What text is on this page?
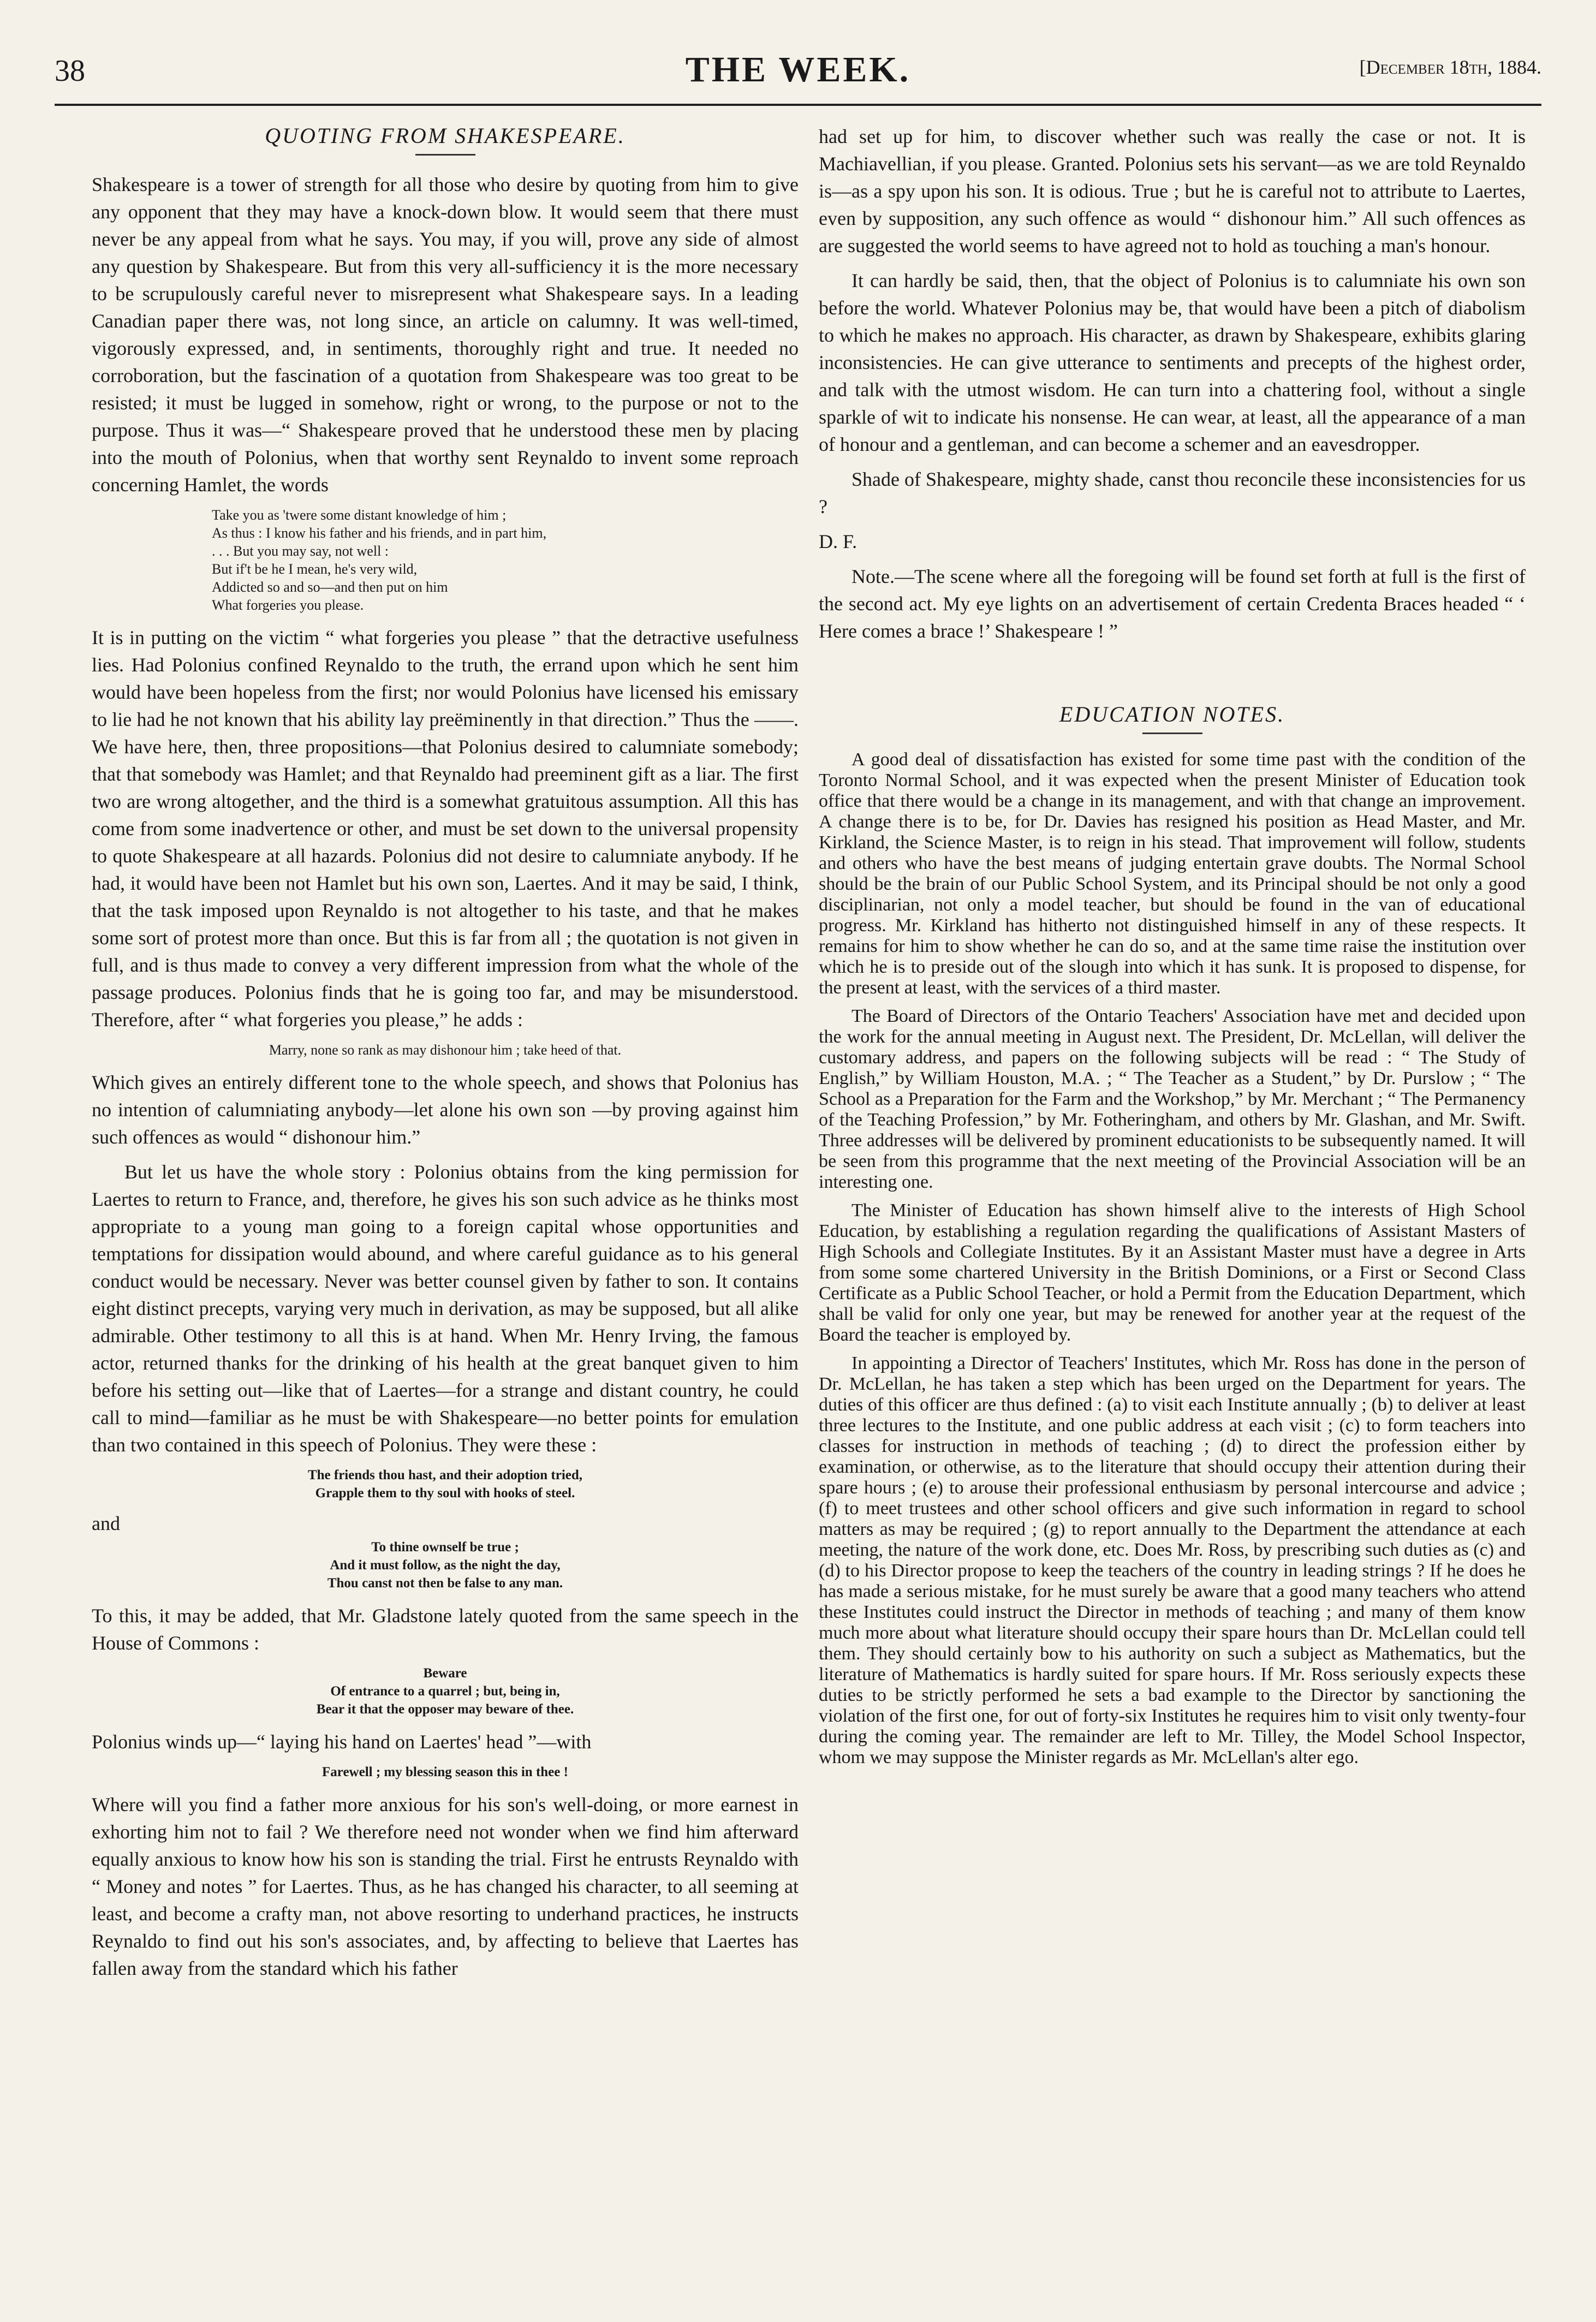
38	THE WEEK.	[December 18th, 1884.
QUOTING FROM SHAKESPEARE.

Shakespeare is a tower of strength for all those who desire by quoting from him to give any opponent that they may have a knock-down blow. It would seem that there must never be any appeal from what he says. You may, if you will, prove any side of almost any question by Shakespeare. But from this very all-sufficiency it is the more necessary to be scrupulously careful never to misrepresent what Shakespeare says. In a leading Canadian paper there was, not long since, an article on calumny. It was well-timed, vigorously expressed, and, in sentiments, thoroughly right and true. It needed no corroboration, but the fascination of a quotation from Shakespeare was too great to be resisted; it must be lugged in somehow, right or wrong, to the purpose or not to the purpose. Thus it was—“ Shakespeare proved that he understood these men by placing into the mouth of Polonius, when that worthy sent Reynaldo to invent some reproach concerning Hamlet, the words

Take you as 'twere some distant knowledge of him ;
As thus : I know his father and his friends, and in part him,
. . . But you may say, not well :
But if't be he I mean, he's very wild,
Addicted so and so—and then put on him
What forgeries you please.

It is in putting on the victim “ what forgeries you please ” that the detractive usefulness lies. Had Polonius confined Reynaldo to the truth, the errand upon which he sent him would have been hopeless from the first; nor would Polonius have licensed his emissary to lie had he not known that his ability lay preëminently in that direction.” Thus the ——. We have here, then, three propositions—that Polonius desired to calumniate somebody; that that somebody was Hamlet; and that Reynaldo had preeminent gift as a liar. The first two are wrong altogether, and the third is a somewhat gratuitous assumption. All this has come from some inadvertence or other, and must be set down to the universal propensity to quote Shakespeare at all hazards. Polonius did not desire to calumniate anybody. If he had, it would have been not Hamlet but his own son, Laertes. And it may be said, I think, that the task imposed upon Reynaldo is not altogether to his taste, and that he makes some sort of protest more than once. But this is far from all ; the quotation is not given in full, and is thus made to convey a very different impression from what the whole of the passage produces. Polonius finds that he is going too far, and may be misunderstood. Therefore, after “ what forgeries you please,” he adds :

Marry, none so rank as may dishonour him ; take heed of that.

Which gives an entirely different tone to the whole speech, and shows that Polonius has no intention of calumniating anybody—let alone his own son —by proving against him such offences as would “ dishonour him.”

But let us have the whole story : Polonius obtains from the king permission for Laertes to return to France, and, therefore, he gives his son such advice as he thinks most appropriate to a young man going to a foreign capital whose opportunities and temptations for dissipation would abound, and where careful guidance as to his general conduct would be necessary. Never was better counsel given by father to son. It contains eight distinct precepts, varying very much in derivation, as may be supposed, but all alike admirable. Other testimony to all this is at hand. When Mr. Henry Irving, the famous actor, returned thanks for the drinking of his health at the great banquet given to him before his setting out—like that of Laertes—for a strange and distant country, he could call to mind—familiar as he must be with Shakespeare—no better points for emulation than two contained in this speech of Polonius. They were these :

The friends thou hast, and their adoption tried,
Grapple them to thy soul with hooks of steel.
and
To thine ownself be true ;
And it must follow, as the night the day,
Thou canst not then be false to any man.

To this, it may be added, that Mr. Gladstone lately quoted from the same speech in the House of Commons :

Beware
Of entrance to a quarrel ; but, being in,
Bear it that the opposer may beware of thee.

Polonius winds up—“ laying his hand on Laertes' head ”—with

Farewell ; my blessing season this in thee !

Where will you find a father more anxious for his son's well-doing, or more earnest in exhorting him not to fail ? We therefore need not wonder when we find him afterward equally anxious to know how his son is standing the trial. First he entrusts Reynaldo with “ Money and notes ” for Laertes. Thus, as he has changed his character, to all seeming at least, and become a crafty man, not above resorting to underhand practices, he instructs Reynaldo to find out his son's associates, and, by affecting to believe that Laertes has fallen away from the standard which his father

had set up for him, to discover whether such was really the case or not. It is Machiavellian, if you please. Granted. Polonius sets his servant—as we are told Reynaldo is—as a spy upon his son. It is odious. True ; but he is careful not to attribute to Laertes, even by supposition, any such offence as would “ dishonour him.” All such offences as are suggested the world seems to have agreed not to hold as touching a man's honour.

It can hardly be said, then, that the object of Polonius is to calumniate his own son before the world. Whatever Polonius may be, that would have been a pitch of diabolism to which he makes no approach. His character, as drawn by Shakespeare, exhibits glaring inconsistencies. He can give utterance to sentiments and precepts of the highest order, and talk with the utmost wisdom. He can turn into a chattering fool, without a single sparkle of wit to indicate his nonsense. He can wear, at least, all the appearance of a man of honour and a gentleman, and can become a schemer and an eavesdropper.

Shade of Shakespeare, mighty shade, canst thou reconcile these inconsistencies for us ?

D. F.

Note.—The scene where all the foregoing will be found set forth at full is the first of the second act. My eye lights on an advertisement of certain Credenta Braces headed “ ‘ Here comes a brace !’ Shakespeare ! ”

EDUCATION NOTES.

A good deal of dissatisfaction has existed for some time past with the condition of the Toronto Normal School, and it was expected when the present Minister of Education took office that there would be a change in its management, and with that change an improvement. A change there is to be, for Dr. Davies has resigned his position as Head Master, and Mr. Kirkland, the Science Master, is to reign in his stead. That improvement will follow, students and others who have the best means of judging entertain grave doubts. The Normal School should be the brain of our Public School System, and its Principal should be not only a good disciplinarian, not only a model teacher, but should be found in the van of educational progress. Mr. Kirkland has hitherto not distinguished himself in any of these respects. It remains for him to show whether he can do so, and at the same time raise the institution over which he is to preside out of the slough into which it has sunk. It is proposed to dispense, for the present at least, with the services of a third master.

The Board of Directors of the Ontario Teachers' Association have met and decided upon the work for the annual meeting in August next. The President, Dr. McLellan, will deliver the customary address, and papers on the following subjects will be read : “ The Study of English,” by William Houston, M.A. ; “ The Teacher as a Student,” by Dr. Purslow ; “ The School as a Preparation for the Farm and the Workshop,” by Mr. Merchant ; “ The Permanency of the Teaching Profession,” by Mr. Fotheringham, and others by Mr. Glashan, and Mr. Swift. Three addresses will be delivered by prominent educationists to be subsequently named. It will be seen from this programme that the next meeting of the Provincial Association will be an interesting one.

The Minister of Education has shown himself alive to the interests of High School Education, by establishing a regulation regarding the qualifications of Assistant Masters of High Schools and Collegiate Institutes. By it an Assistant Master must have a degree in Arts from some some chartered University in the British Dominions, or a First or Second Class Certificate as a Public School Teacher, or hold a Permit from the Education Department, which shall be valid for only one year, but may be renewed for another year at the request of the Board the teacher is employed by.

In appointing a Director of Teachers' Institutes, which Mr. Ross has done in the person of Dr. McLellan, he has taken a step which has been urged on the Department for years. The duties of this officer are thus defined : (a) to visit each Institute annually ; (b) to deliver at least three lectures to the Institute, and one public address at each visit ; (c) to form teachers into classes for instruction in methods of teaching ; (d) to direct the profession either by examination, or otherwise, as to the literature that should occupy their attention during their spare hours ; (e) to arouse their professional enthusiasm by personal intercourse and advice ; (f) to meet trustees and other school officers and give such information in regard to school matters as may be required ; (g) to report annually to the Department the attendance at each meeting, the nature of the work done, etc. Does Mr. Ross, by prescribing such duties as (c) and (d) to his Director propose to keep the teachers of the country in leading strings ? If he does he has made a serious mistake, for he must surely be aware that a good many teachers who attend these Institutes could instruct the Director in methods of teaching ; and many of them know much more about what literature should occupy their spare hours than Dr. McLellan could tell them. They should certainly bow to his authority on such a subject as Mathematics, but the literature of Mathematics is hardly suited for spare hours. If Mr. Ross seriously expects these duties to be strictly performed he sets a bad example to the Director by sanctioning the violation of the first one, for out of forty-six Institutes he requires him to visit only twenty-four during the coming year. The remainder are left to Mr. Tilley, the Model School Inspector, whom we may suppose the Minister regards as Mr. McLellan's alter ego.
